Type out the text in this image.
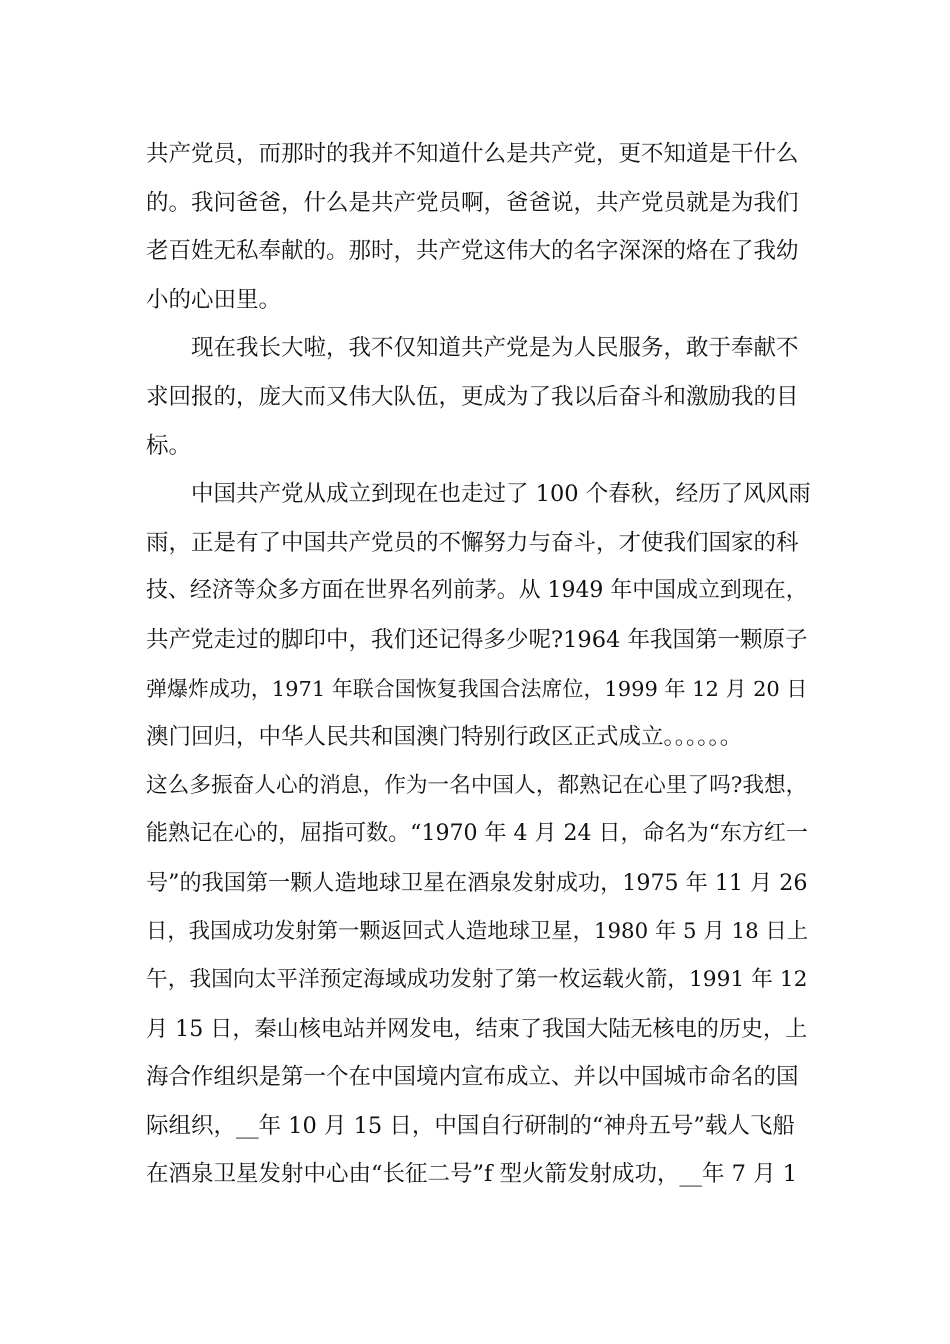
共产党员，而那时的我并不知道什么是共产党，更不知道是干什么
的。我问爸爸，什么是共产党员啊，爸爸说，共产党员就是为我们
老百姓无私奉献的。那时，共产党这伟大的名字深深的烙在了我幼
小的心田里。
现在我长大啦，我不仅知道共产党是为人民服务，敢于奉献不
求回报的，庞大而又伟大队伍，更成为了我以后奋斗和激励我的目
标。
中国共产党从成立到现在也走过了 100 个春秋，经历了风风雨
雨，正是有了中国共产党员的不懈努力与奋斗，才使我们国家的科
技、经济等众多方面在世界名列前茅。从 1949 年中国成立到现在，
共产党走过的脚印中，我们还记得多少呢?1964 年我国第一颗原子
弹爆炸成功，1971 年联合国恢复我国合法席位，1999 年 12 月 20 日
澳门回归，中华人民共和国澳门特别行政区正式成立。。。。。。
这么多振奋人心的消息，作为一名中国人，都熟记在心里了吗?我想，
能熟记在心的，屈指可数。“1970 年 4 月 24 日，命名为“东方红一
号”的我国第一颗人造地球卫星在酒泉发射成功，1975 年 11 月 26
日，我国成功发射第一颗返回式人造地球卫星，1980 年 5 月 18 日上
午，我国向太平洋预定海域成功发射了第一枚运载火箭，1991 年 12
月 15 日，秦山核电站并网发电，结束了我国大陆无核电的历史，上
海合作组织是第一个在中国境内宣布成立、并以中国城市命名的国
际组织，__年 10 月 15 日，中国自行研制的“神舟五号”载人飞船
在酒泉卫星发射中心由“长征二号”f 型火箭发射成功，__年 7 月 1
